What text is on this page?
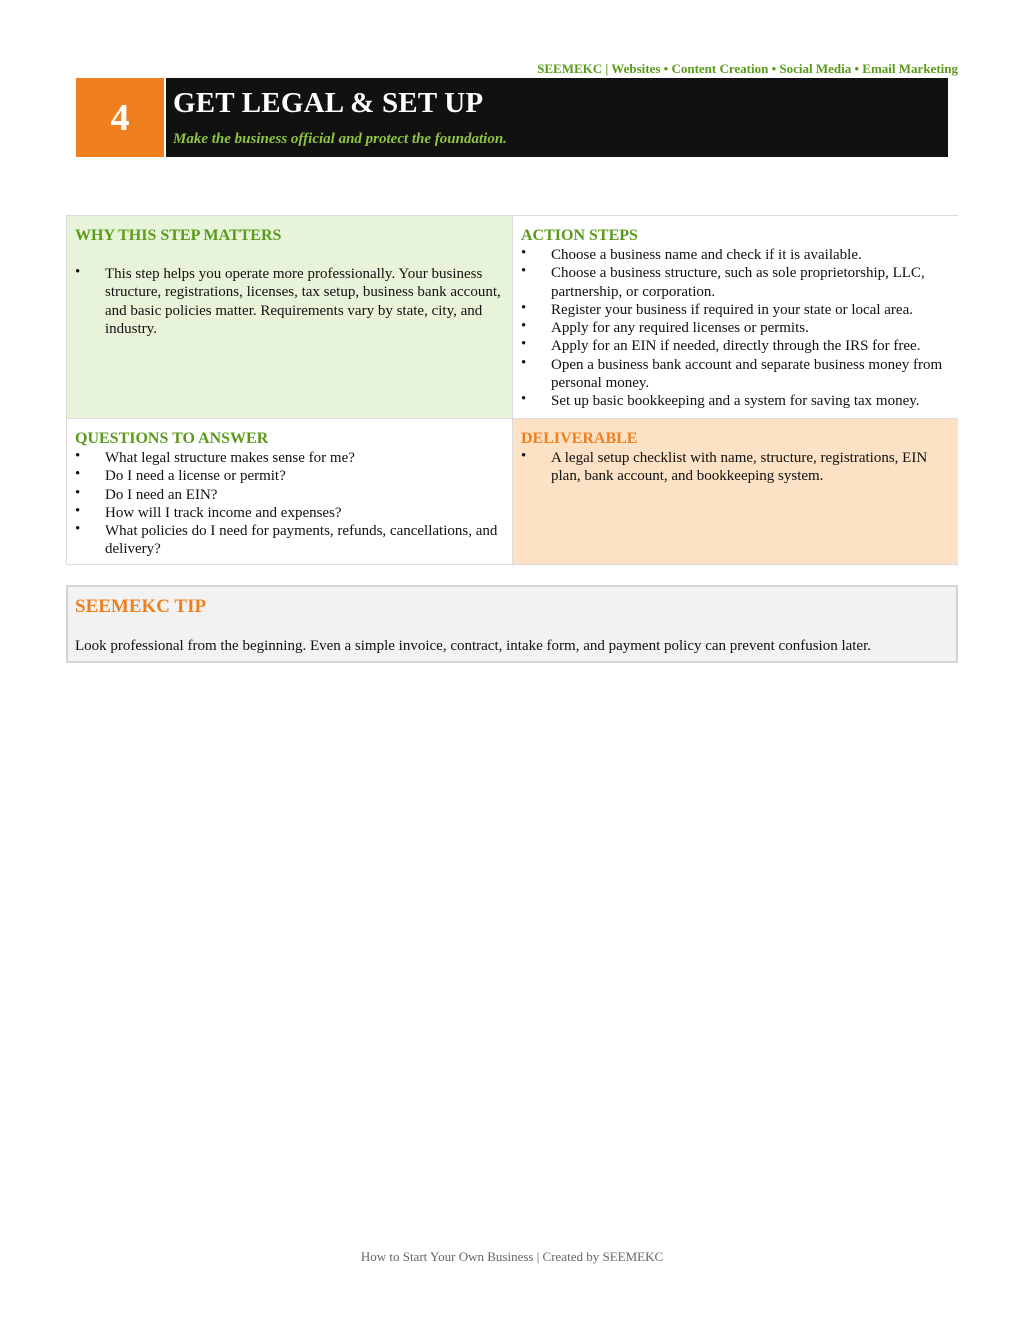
SEEMEKC | Websites • Content Creation • Social Media • Email Marketing
4	GET LEGAL & SET UP
Make the business official and protect the foundation.
WHY THIS STEP MATTERS
• This step helps you operate more professionally. Your business structure, registrations, licenses, tax setup, business bank account, and basic policies matter. Requirements vary by state, city, and industry.
ACTION STEPS
• Choose a business name and check if it is available.
• Choose a business structure, such as sole proprietorship, LLC, partnership, or corporation.
• Register your business if required in your state or local area.
• Apply for any required licenses or permits.
• Apply for an EIN if needed, directly through the IRS for free.
• Open a business bank account and separate business money from personal money.
• Set up basic bookkeeping and a system for saving tax money.
QUESTIONS TO ANSWER
• What legal structure makes sense for me?
• Do I need a license or permit?
• Do I need an EIN?
• How will I track income and expenses?
• What policies do I need for payments, refunds, cancellations, and delivery?
DELIVERABLE
• A legal setup checklist with name, structure, registrations, EIN plan, bank account, and bookkeeping system.
SEEMEKC TIP

Look professional from the beginning. Even a simple invoice, contract, intake form, and payment policy can prevent confusion later.

How to Start Your Own Business | Created by SEEMEKC
